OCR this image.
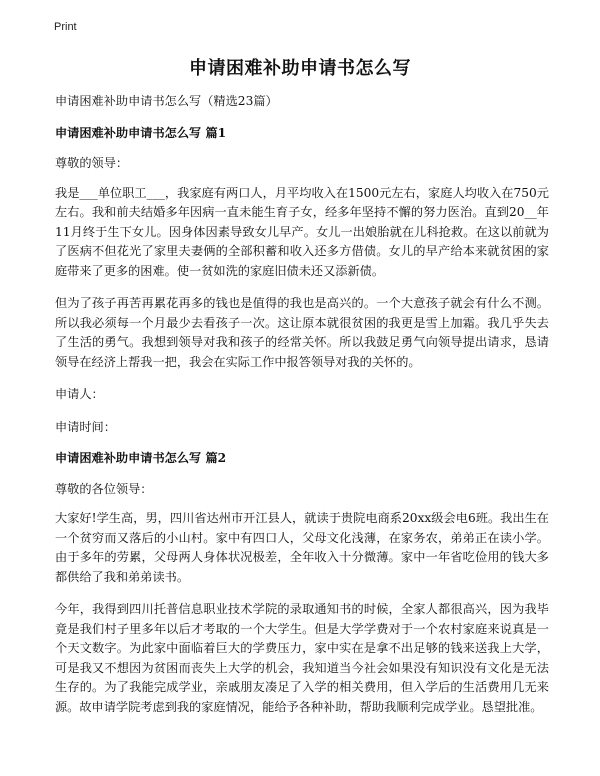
Print
申请困难补助申请书怎么写
申请困难补助申请书怎么写（精选23篇）
申请困难补助申请书怎么写 篇1
尊敬的领导：
我是___单位职工___，我家庭有两口人，月平均收入在1500元左右，家庭人均收入在750元左右。我和前夫结婚多年因病一直未能生育子女，经多年坚持不懈的努力医治。直到20__年11月终于生下女儿。因身体因素导致女儿早产。女儿一出娘胎就在儿科抢救。在这以前就为了医病不但花光了家里夫妻俩的全部积蓄和收入还多方借债。女儿的早产给本来就贫困的家庭带来了更多的困难。使一贫如洗的家庭旧债未还又添新债。
但为了孩子再苦再累花再多的钱也是值得的我也是高兴的。一个大意孩子就会有什么不测。所以我必须每一个月最少去看孩子一次。这让原本就很贫困的我更是雪上加霜。我几乎失去了生活的勇气。我想到领导对我和孩子的经常关怀。所以我鼓足勇气向领导提出请求，恳请领导在经济上帮我一把，我会在实际工作中报答领导对我的关怀的。
申请人：
申请时间：
申请困难补助申请书怎么写 篇2
尊敬的各位领导：
大家好!学生高，男，四川省达州市开江县人，就读于贵院电商系20xx级会电6班。我出生在一个贫穷而又落后的小山村。家中有四口人，父母文化浅薄，在家务农，弟弟正在读小学。由于多年的劳累，父母两人身体状况极差，全年收入十分微薄。家中一年省吃俭用的钱大多都供给了我和弟弟读书。
今年，我得到四川托普信息职业技术学院的录取通知书的时候，全家人都很高兴，因为我毕竟是我们村子里多年以后才考取的一个大学生。但是大学学费对于一个农村家庭来说真是一个天文数字。为此家中面临着巨大的学费压力，家中实在是拿不出足够的钱来送我上大学，可是我又不想因为贫困而丧失上大学的机会，我知道当今社会如果没有知识没有文化是无法生存的。为了我能完成学业，亲戚朋友凑足了入学的相关费用，但入学后的生活费用几无来源。故申请学院考虑到我的家庭情况，能给予各种补助，帮助我顺利完成学业。恳望批准。
